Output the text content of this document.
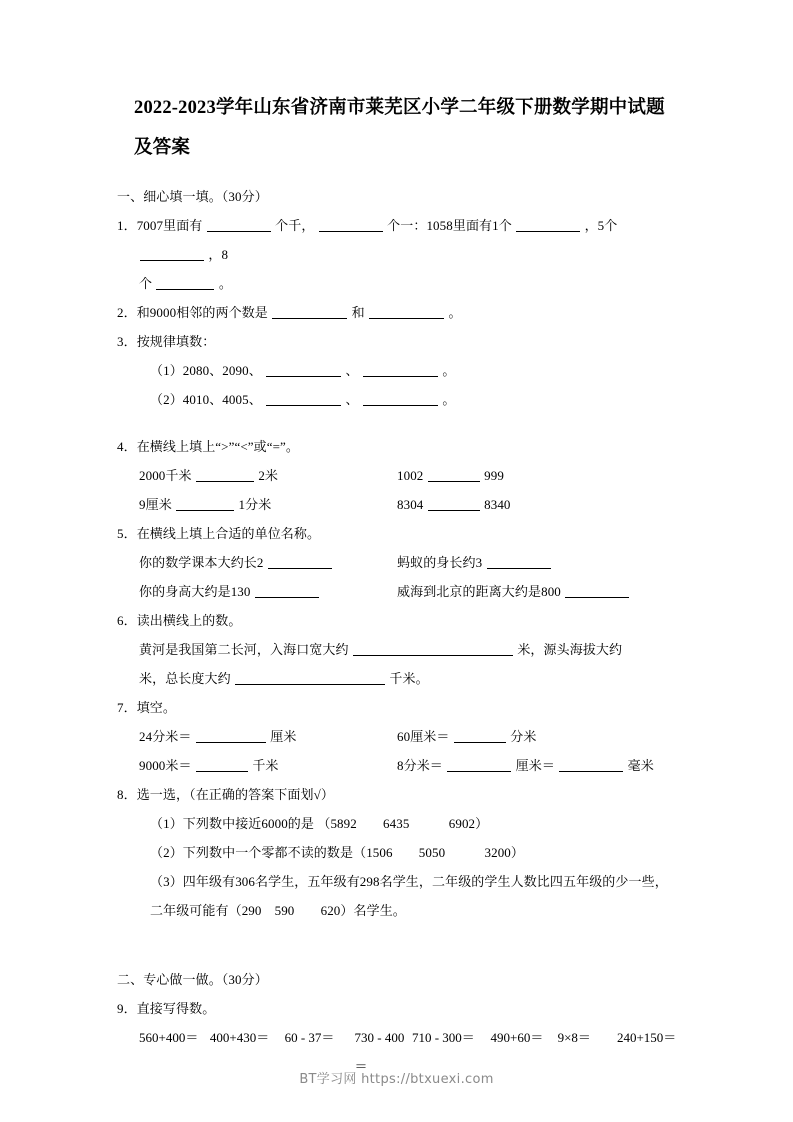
2022-2023学年山东省济南市莱芜区小学二年级下册数学期中试题及答案

一、细心填一填。（30分）

1．7007里面有	个千，	个一：1058里面有1个	，5个  ，8

个	。

2．和9000相邻的两个数是	和	。

3．按规律填数：

（1）2080、2090、	、	。

（2）4010、4005、	、	。

4．在横线上填上“>”“<”或“=”。

2000千米	2米	1002	999
9厘米	1分米	8304	8340

5．在横线上填上合适的单位名称。

你的数学课本大约长2	蚂蚁的身长约3
你的身高大约是130	威海到北京的距离大约是800

6．读出横线上的数。

黄河是我国第二长河，入海口宽大约	米，源头海拔大约

米，总长度大约	千米。

7．填空。

24分米＝	厘米	60厘米＝	分米
9000米＝	千米	8分米＝	厘米＝	毫米

8．选一选，（在正确的答案下面划√）

（1）下列数中接近6000的是 （5892　　6435　　　6902）

（2）下列数中一个零都不读的数是（1506　　5050　　　3200）

（3）四年级有306名学生，五年级有298名学生，二年级的学生人数比四五年级的少一些，二年级可能有（290　590　　620）名学生。

二、专心做一做。（30分）

9．直接写得数。

560+400＝ 400+430＝	60 - 37＝	730 - 400＝
710 - 300＝	490+60＝	9×8＝	240+150＝
BT学习网 https://btxuexi.com
